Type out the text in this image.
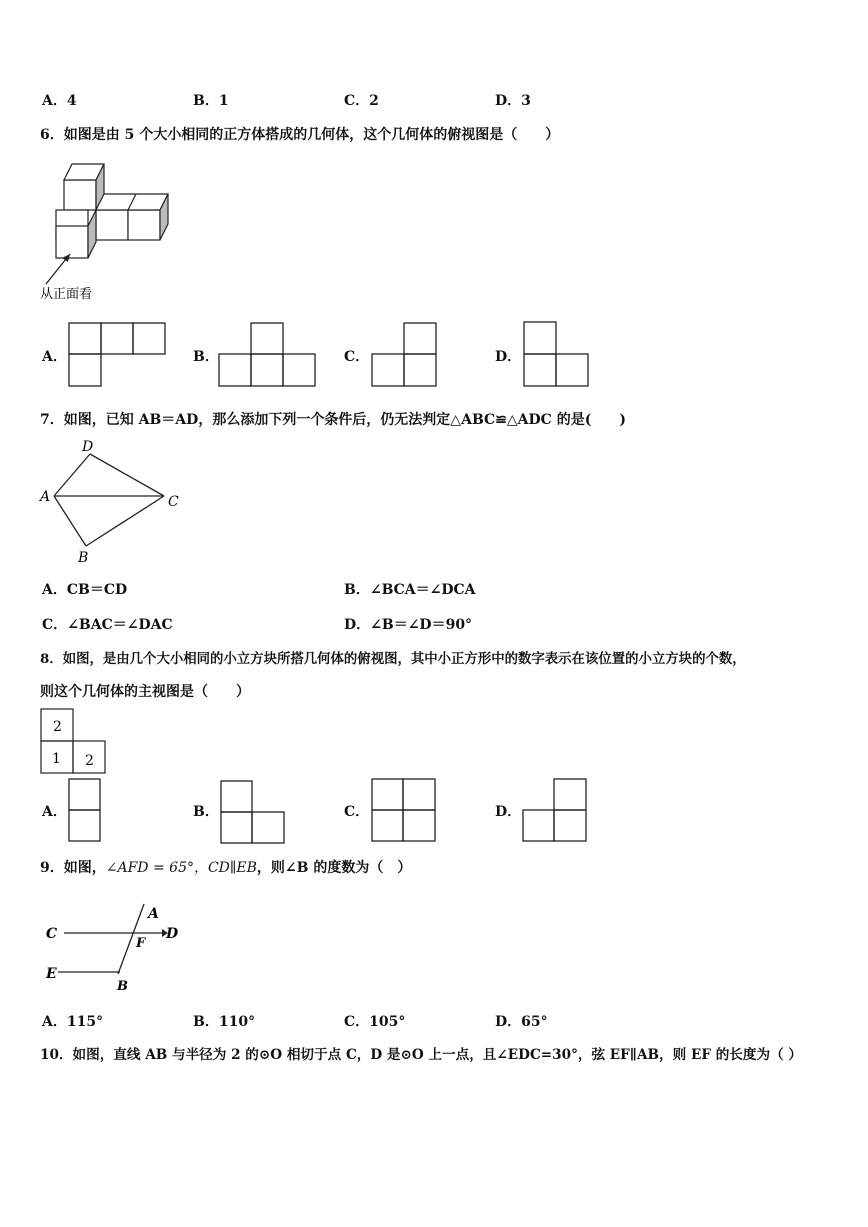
A．4	B．1	C．2	D．3
6．如图是由 5 个大小相同的正方体搭成的几何体，这个几何体的俯视图是（　　）
从正面看
A．	B．	C．	D．
7．如图，已知 AB＝AD，那么添加下列一个条件后，仍无法判定△ABC≌△ADC 的是(　　)
D
A	C
B
A．CB＝CD	B．∠BCA＝∠DCA
C．∠BAC＝∠DAC	D．∠B＝∠D＝90°
8．如图，是由几个大小相同的小立方块所搭几何体的俯视图，其中小正方形中的数字表示在该位置的小立方块的个数，
则这个几何体的主视图是（　　）
2
1 2
A．	B．	C．	D．
9．如图，∠AFD = 65°，CD∥EB，则∠B 的度数为（　）
A
C	D
F
E
B
A．115°	B．110°	C．105°	D．65°
10．如图，直线 AB 与半径为 2 的⊙O 相切于点 C，D 是⊙O 上一点，且∠EDC=30°，弦 EF∥AB，则 EF 的长度为（ ）
